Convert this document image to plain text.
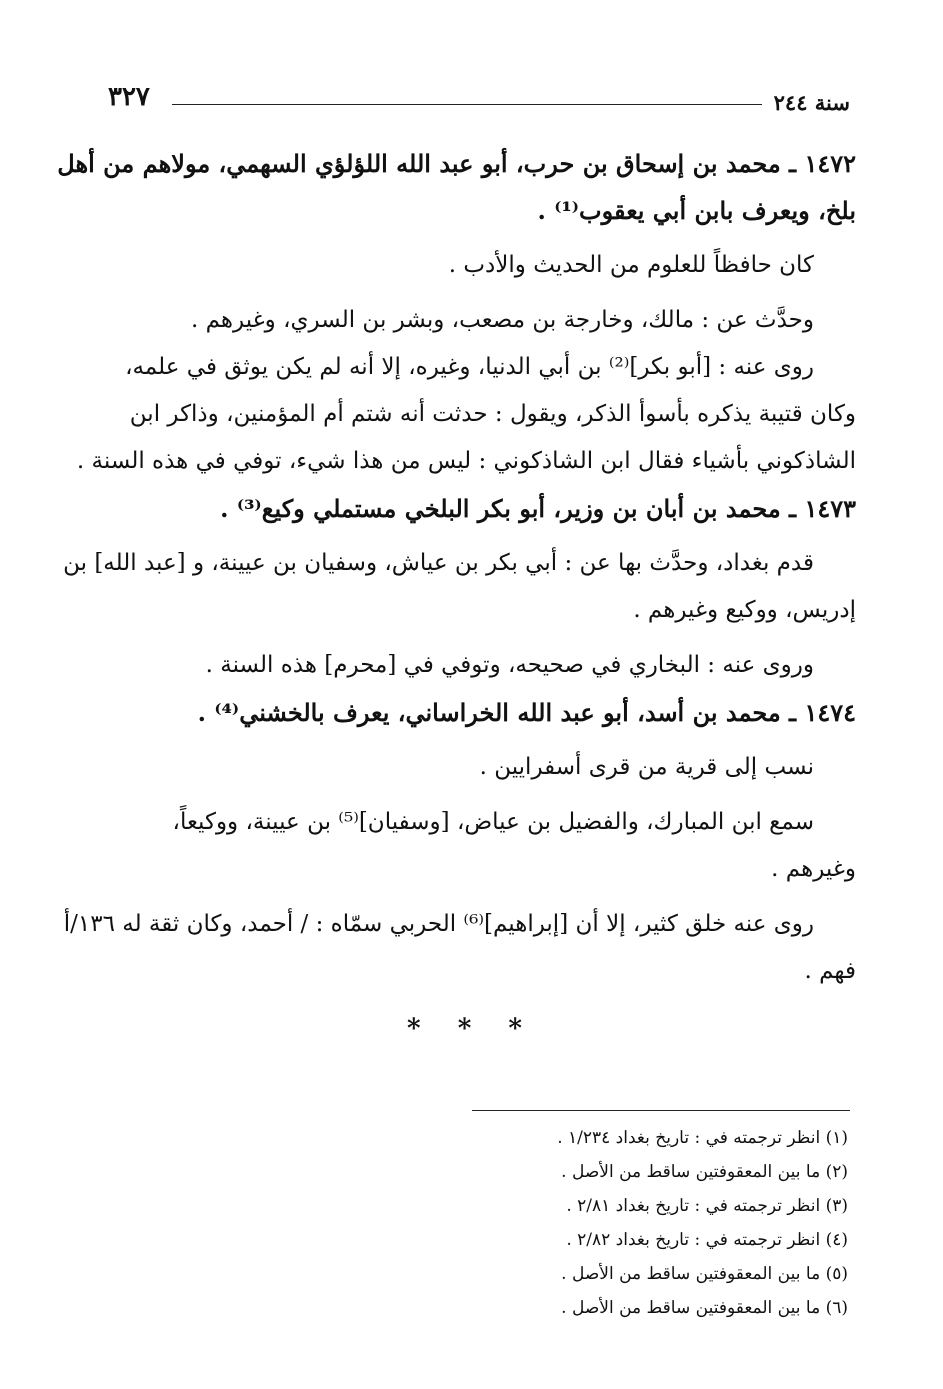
سنة ٢٤٤
٣٢٧
١٤٧٢ ـ محمد بن إسحاق بن حرب، أبو عبد الله اللؤلؤي السهمي، مولاهم من أهل
بلخ، ويعرف بابن أبي يعقوب⁽¹⁾ .
كان حافظاً للعلوم من الحديث والأدب .
وحدَّث عن : مالك، وخارجة بن مصعب، وبشر بن السري، وغيرهم .
روى عنه : [أبو بكر]⁽²⁾ بن أبي الدنيا، وغيره، إلا أنه لم يكن يوثق في علمه،
وكان قتيبة يذكره بأسوأ الذكر، ويقول : حدثت أنه شتم أم المؤمنين، وذاكر ابن
الشاذكوني بأشياء فقال ابن الشاذكوني : ليس من هذا شيء، توفي في هذه السنة .
١٤٧٣ ـ محمد بن أبان بن وزير، أبو بكر البلخي مستملي وكيع⁽³⁾ .
قدم بغداد، وحدَّث بها عن : أبي بكر بن عياش، وسفيان بن عيينة، و [عبد الله] بن
إدريس، ووكيع وغيرهم .
وروى عنه : البخاري في صحيحه، وتوفي في [محرم] هذه السنة .
١٤٧٤ ـ محمد بن أسد، أبو عبد الله الخراساني، يعرف بالخشني⁽⁴⁾ .
نسب إلى قرية من قرى أسفرايين .
سمع ابن المبارك، والفضيل بن عياض، [وسفيان]⁽⁵⁾ بن عيينة، ووكيعاً،
وغيرهم .
روى عنه خلق كثير، إلا أن [إبراهيم]⁽⁶⁾ الحربي سمّاه : / أحمد، وكان ثقة له ١٣٦/أ
فهم .
* * *
(١) انظر ترجمته في : تاريخ بغداد ١/٢٣٤ .
(٢) ما بين المعقوفتين ساقط من الأصل .
(٣) انظر ترجمته في : تاريخ بغداد ٢/٨١ .
(٤) انظر ترجمته في : تاريخ بغداد ٢/٨٢ .
(٥) ما بين المعقوفتين ساقط من الأصل .
(٦) ما بين المعقوفتين ساقط من الأصل .
